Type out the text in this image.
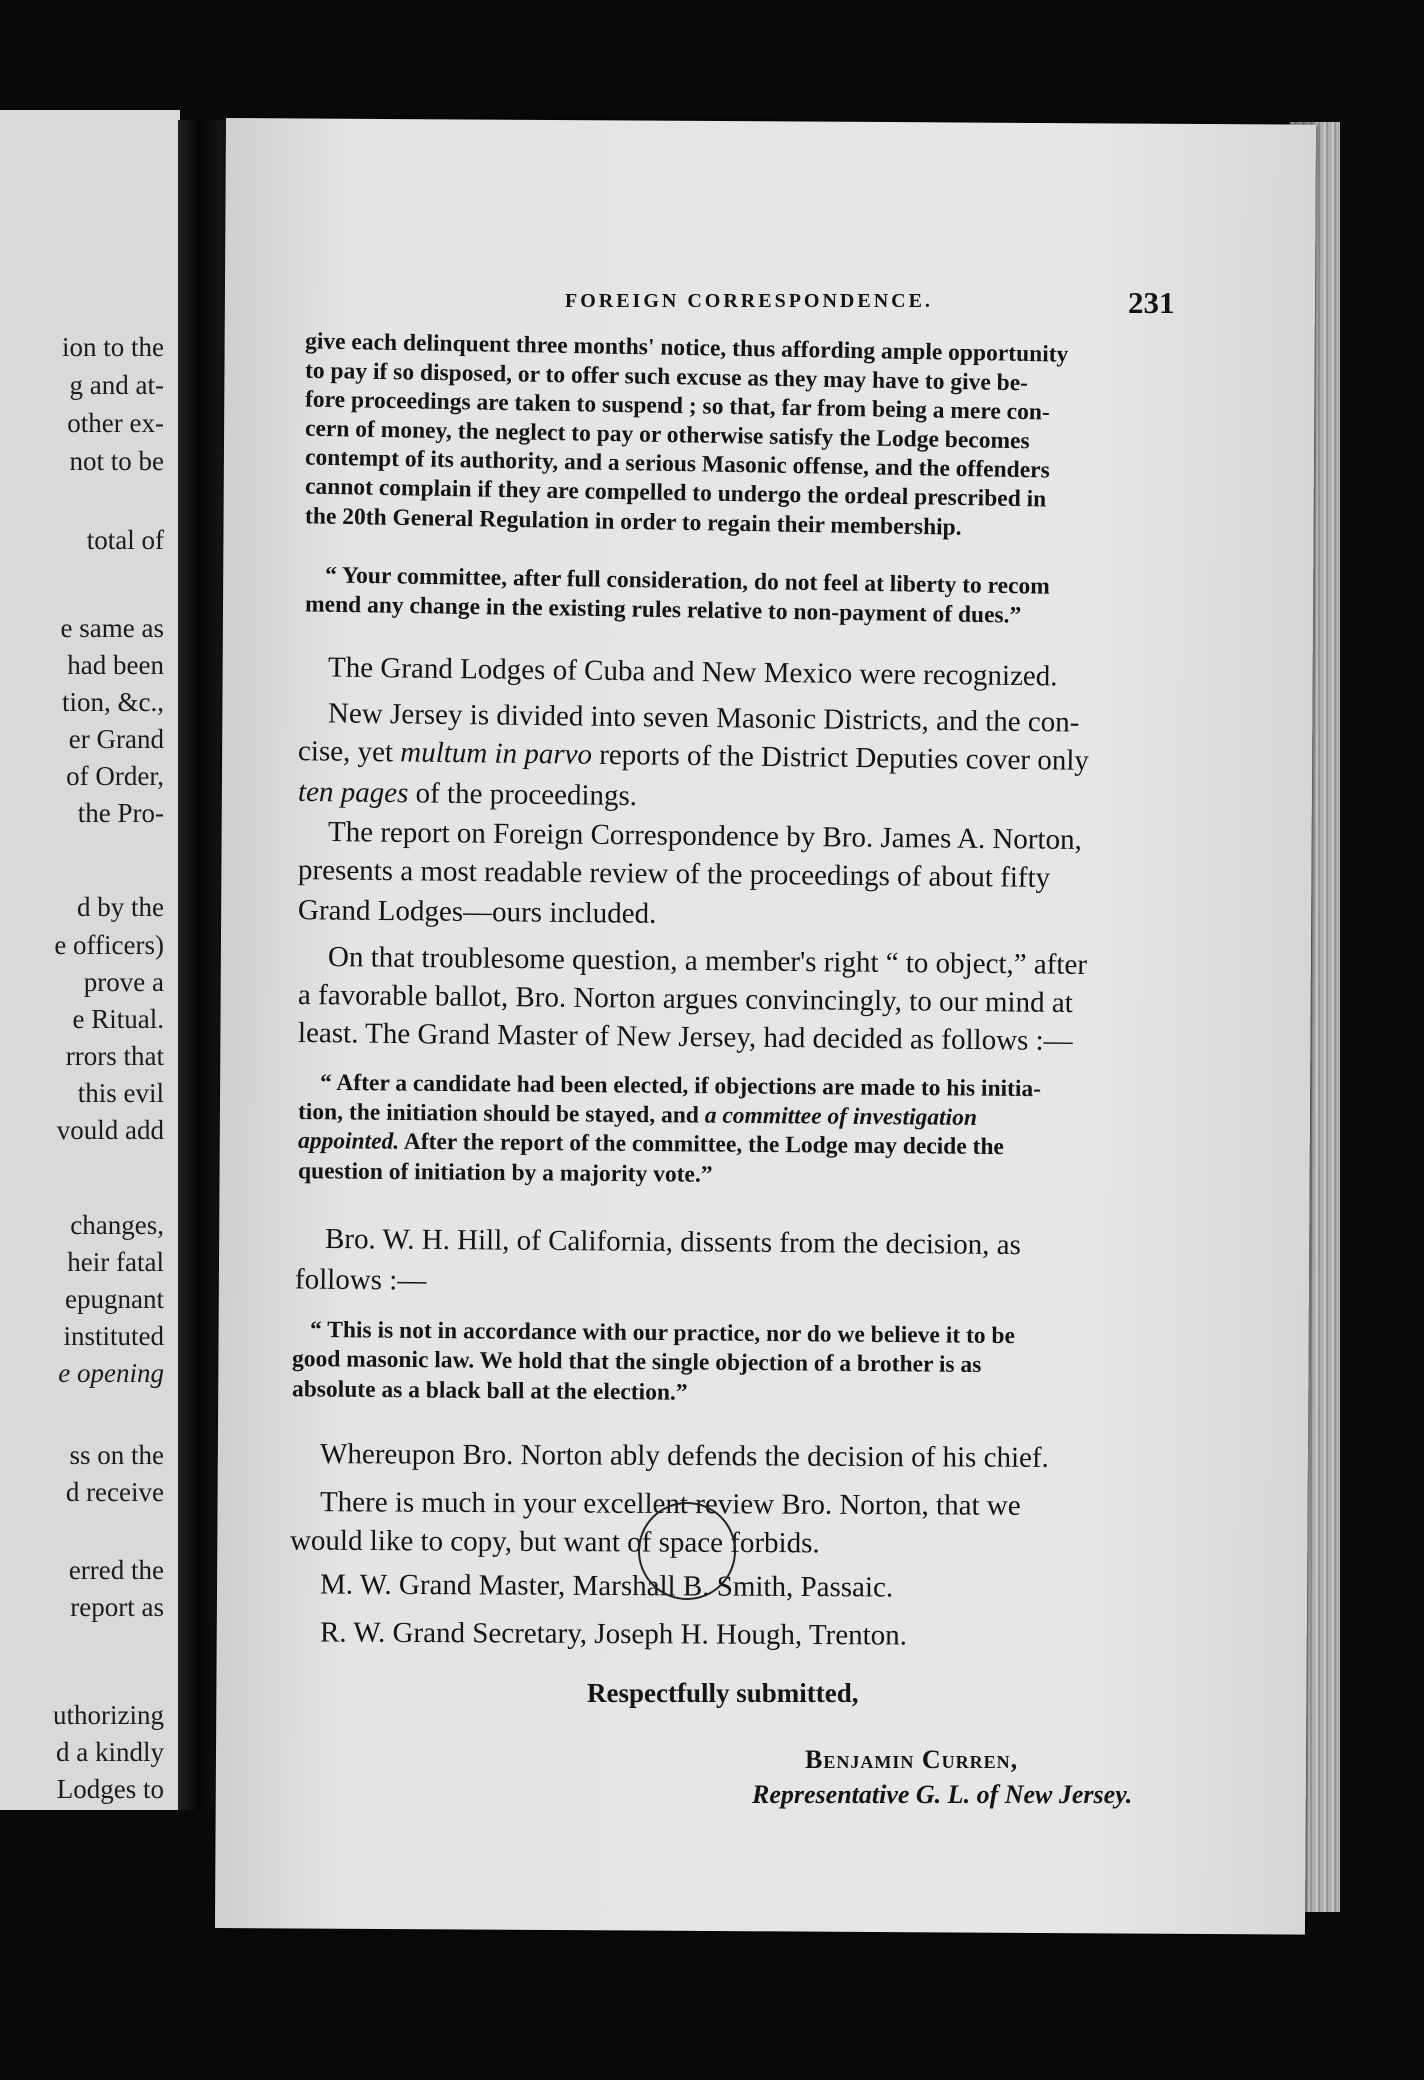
ion to the
g and at-
other ex-
not to be
total of
e same as
had been
tion, &c.,
er Grand
of Order,
the Pro-
d by the
e officers)
prove a
e Ritual.
rrors that
this evil
vould add
changes,
heir fatal
epugnant
instituted
e opening
ss on the
d receive
erred the
report as
uthorizing
d a kindly
Lodges to
FOREIGN CORRESPONDENCE.	231
give each delinquent three months' notice, thus affording ample opportunity
to pay if so disposed, or to offer such excuse as they may have to give be-
fore proceedings are taken to suspend ; so that, far from being a mere con-
cern of money, the neglect to pay or otherwise satisfy the Lodge becomes
contempt of its authority, and a serious Masonic offense, and the offenders
cannot complain if they are compelled to undergo the ordeal prescribed in
the 20th General Regulation in order to regain their membership.
“ Your committee, after full consideration, do not feel at liberty to recom
mend any change in the existing rules relative to non-payment of dues.”
The Grand Lodges of Cuba and New Mexico were recognized.
New Jersey is divided into seven Masonic Districts, and the con-
cise, yet multum in parvo reports of the District Deputies cover only
ten pages of the proceedings.
The report on Foreign Correspondence by Bro. James A. Norton,
presents a most readable review of the proceedings of about fifty
Grand Lodges—ours included.
On that troublesome question, a member's right “ to object,” after
a favorable ballot, Bro. Norton argues convincingly, to our mind at
least. The Grand Master of New Jersey, had decided as follows :—
“ After a candidate had been elected, if objections are made to his initia-
tion, the initiation should be stayed, and a committee of investigation
appointed. After the report of the committee, the Lodge may decide the
question of initiation by a majority vote.”
Bro. W. H. Hill, of California, dissents from the decision, as
follows :—
“ This is not in accordance with our practice, nor do we believe it to be
good masonic law. We hold that the single objection of a brother is as
absolute as a black ball at the election.”
Whereupon Bro. Norton ably defends the decision of his chief.
There is much in your excellent review Bro. Norton, that we
would like to copy, but want of space forbids.
M. W. Grand Master, Marshall B. Smith, Passaic.
R. W. Grand Secretary, Joseph H. Hough, Trenton.
Respectfully submitted,
Benjamin Curren,
Representative G. L. of New Jersey.
